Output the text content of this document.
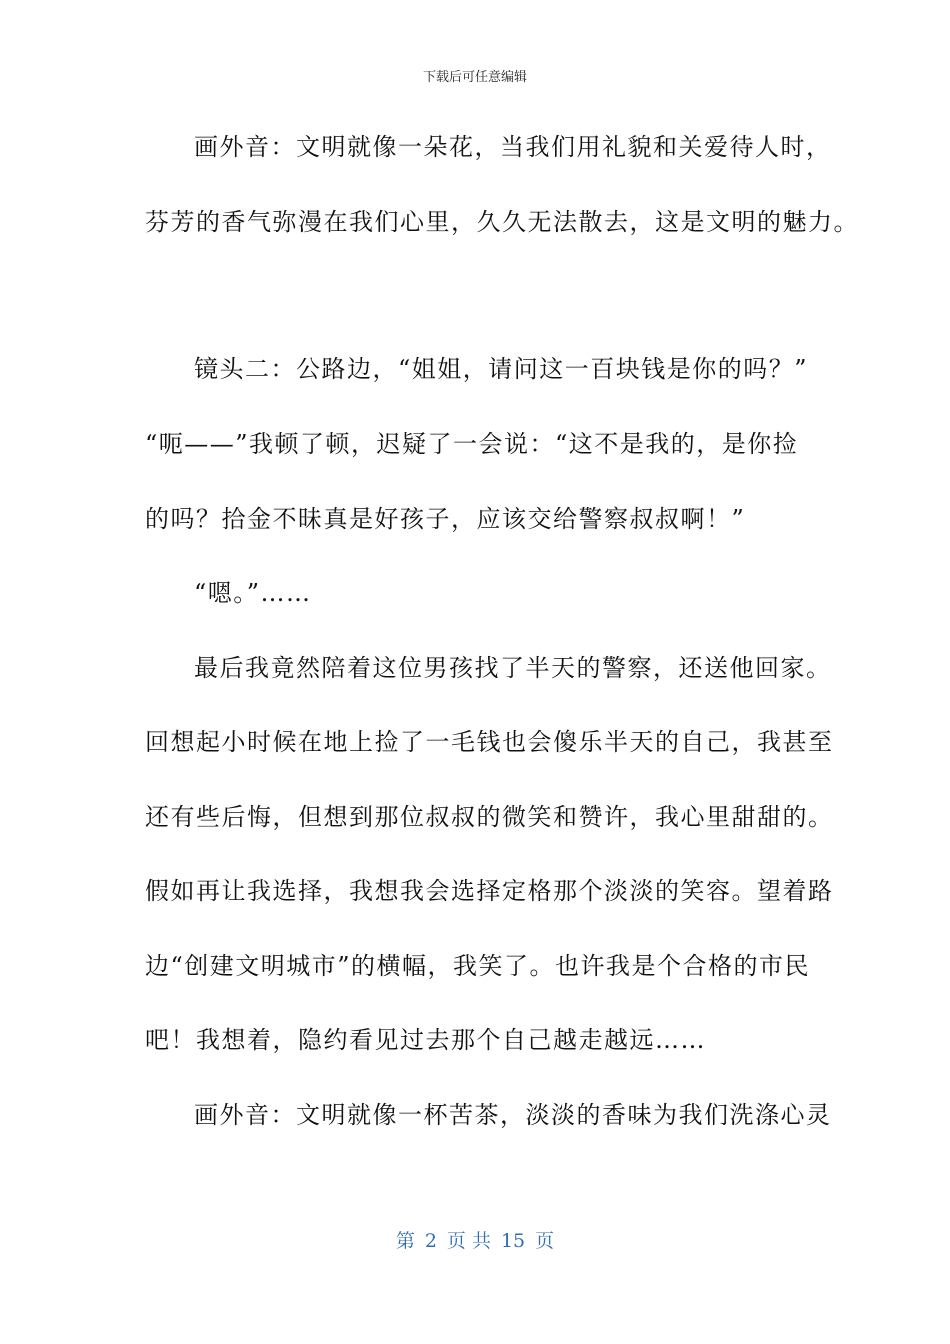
下载后可任意编辑
画外音：文明就像一朵花，当我们用礼貌和关爱待人时，
芬芳的香气弥漫在我们心里，久久无法散去，这是文明的魅力。
镜头二：公路边，“姐姐，请问这一百块钱是你的吗？”
“呃——”我顿了顿，迟疑了一会说：“这不是我的，是你捡
的吗？拾金不昧真是好孩子，应该交给警察叔叔啊！”
“嗯。”……
最后我竟然陪着这位男孩找了半天的警察，还送他回家。
回想起小时候在地上捡了一毛钱也会傻乐半天的自己，我甚至
还有些后悔，但想到那位叔叔的微笑和赞许，我心里甜甜的。
假如再让我选择，我想我会选择定格那个淡淡的笑容。望着路
边“创建文明城市”的横幅，我笑了。也许我是个合格的市民
吧！我想着，隐约看见过去那个自己越走越远……
画外音：文明就像一杯苦茶，淡淡的香味为我们洗涤心灵
第 2 页 共 15 页
